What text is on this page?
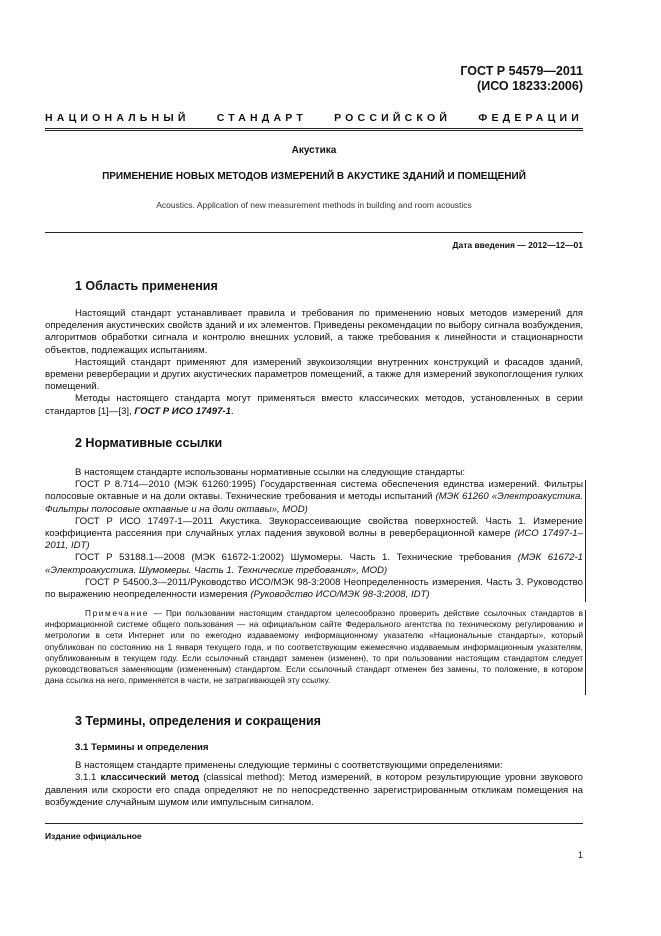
ГОСТ Р 54579—2011
(ИСО 18233:2006)
НАЦИОНАЛЬНЫЙ	СТАНДАРТ	РОССИЙСКОЙ	ФЕДЕРАЦИИ
Акустика
ПРИМЕНЕНИЕ НОВЫХ МЕТОДОВ ИЗМЕРЕНИЙ В АКУСТИКЕ ЗДАНИЙ И ПОМЕЩЕНИЙ
Acoustics. Application of new measurement methods in building and room acoustics
Дата введения — 2012—12—01
1 Область применения
Настоящий стандарт устанавливает правила и требования по применению новых методов измерений для определения акустических свойств зданий и их элементов. Приведены рекомендации по выбору сигнала возбуждения, алгоритмов обработки сигнала и контролю внешних условий, а также требования к линейности и стационарности объектов, подлежащих испытаниям.
Настоящий стандарт применяют для измерений звукоизоляции внутренних конструкций и фасадов зданий, времени реверберации и других акустических параметров помещений, а также для измерений звукопоглощения гулких помещений.
Методы настоящего стандарта могут применяться вместо классических методов, установленных в серии стандартов [1]—[3], ГОСТ Р ИСО 17497-1.
2 Нормативные ссылки
В настоящем стандарте использованы нормативные ссылки на следующие стандарты:
ГОСТ Р 8.714—2010 (МЭК 61260:1995) Государственная система обеспечения единства измерений. Фильтры полосовые октавные и на доли октавы. Технические требования и методы испытаний (МЭК 61260 «Электроакустика. Фильтры полосовые октавные и на доли октавы», MOD)
ГОСТ Р ИСО 17497-1—2011 Акустика. Звукорассеивающие свойства поверхностей. Часть 1. Измерение коэффициента рассеяния при случайных углах падения звуковой волны в реверберационной камере (ИСО 17497-1–2011, IDT)
ГОСТ Р 53188.1—2008 (МЭК 61672-1:2002) Шумомеры. Часть 1. Технические требования (МЭК 61672-1 «Электроакустика. Шумомеры. Часть 1. Технические требования», MOD)
ГОСТ Р 54500.3—2011/Руководство ИСО/МЭК 98-3:2008 Неопределенность измерения. Часть 3. Руководство по выражению неопределенности измерения (Руководство ИСО/МЭК 98-3:2008, IDT)
Примечание — При пользовании настоящим стандартом целесообразно проверить действие ссылочных стандартов в информационной системе общего пользования — на официальном сайте Федерального агентства по техническому регулированию и метрологии в сети Интернет или по ежегодно издаваемому информационному указателю «Национальные стандарты», который опубликован по состоянию на 1 января текущего года, и по соответствующим ежемесячно издаваемым информационным указателям, опубликованным в текущем году. Если ссылочный стандарт заменен (изменен), то при пользовании настоящим стандартом следует руководствоваться заменяющим (измененным) стандартом. Если ссылочный стандарт отменен без замены, то положение, в котором дана ссылка на него, применяется в части, не затрагивающей эту ссылку.
3 Термины, определения и сокращения
3.1 Термины и определения
В настоящем стандарте применены следующие термины с соответствующими определениями:
3.1.1 классический метод (classical method): Метод измерений, в котором результирующие уровни звукового давления или скорости его спада определяют не по непосредственно зарегистрированным откликам помещения на возбуждение случайным шумом или импульсным сигналом.
Издание официальное
1
